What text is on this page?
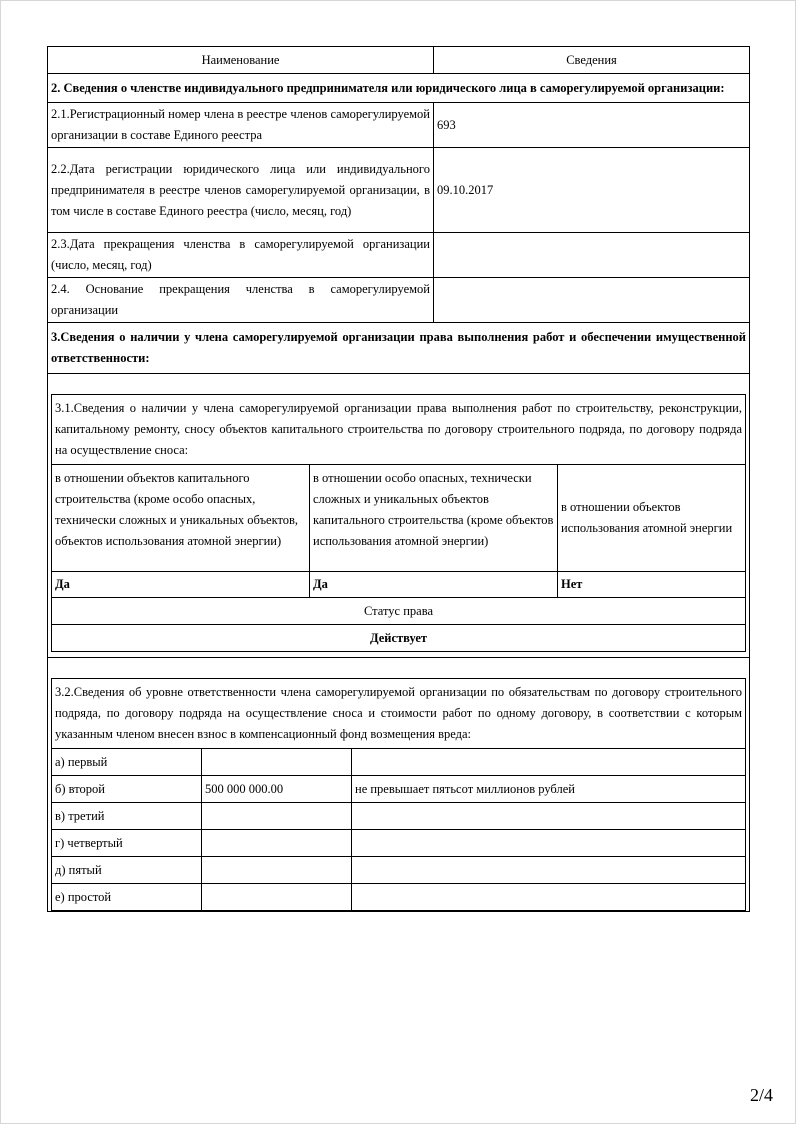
Наименование	Сведения
2. Сведения о членстве индивидуального предпринимателя или юридического лица в саморегулируемой организации:
2.1.Регистрационный номер члена в реестре членов саморегулируемой организации в составе Единого реестра	693
2.2.Дата регистрации юридического лица или индивидуального предпринимателя в реестре членов саморегулируемой организации, в том числе в составе Единого реестра (число, месяц, год)	09.10.2017
2.3.Дата прекращения членства в саморегулируемой организации (число, месяц, год)	
2.4. Основание прекращения членства в саморегулируемой организации	
3.Сведения о наличии у члена саморегулируемой организации права выполнения работ и обеспечении имущественной ответственности:

3.1.Сведения о наличии у члена саморегулируемой организации права выполнения работ по строительству, реконструкции, капитальному ремонту, сносу объектов капитального строительства по договору строительного подряда, по договору подряда на осуществление сноса:
в отношении объектов капитального строительства (кроме особо опасных, технически сложных и уникальных объектов, объектов использования атомной энергии)	в отношении особо опасных, технически сложных и уникальных объектов капитального строительства (кроме объектов использования атомной энергии)	в отношении объектов использования атомной энергии
Да	Да	Нет
Статус права
Действует

3.2.Сведения об уровне ответственности члена саморегулируемой организации по обязательствам по договору строительного подряда, по договору подряда на осуществление сноса и стоимости работ по одному договору, в соответствии с которым указанным членом внесен взнос в компенсационный фонд возмещения вреда:
а) первый		
б) второй	500 000 000.00	не превышает пятьсот миллионов рублей
в) третий		
г) четвертый		
д) пятый		
е) простой		
2/4
